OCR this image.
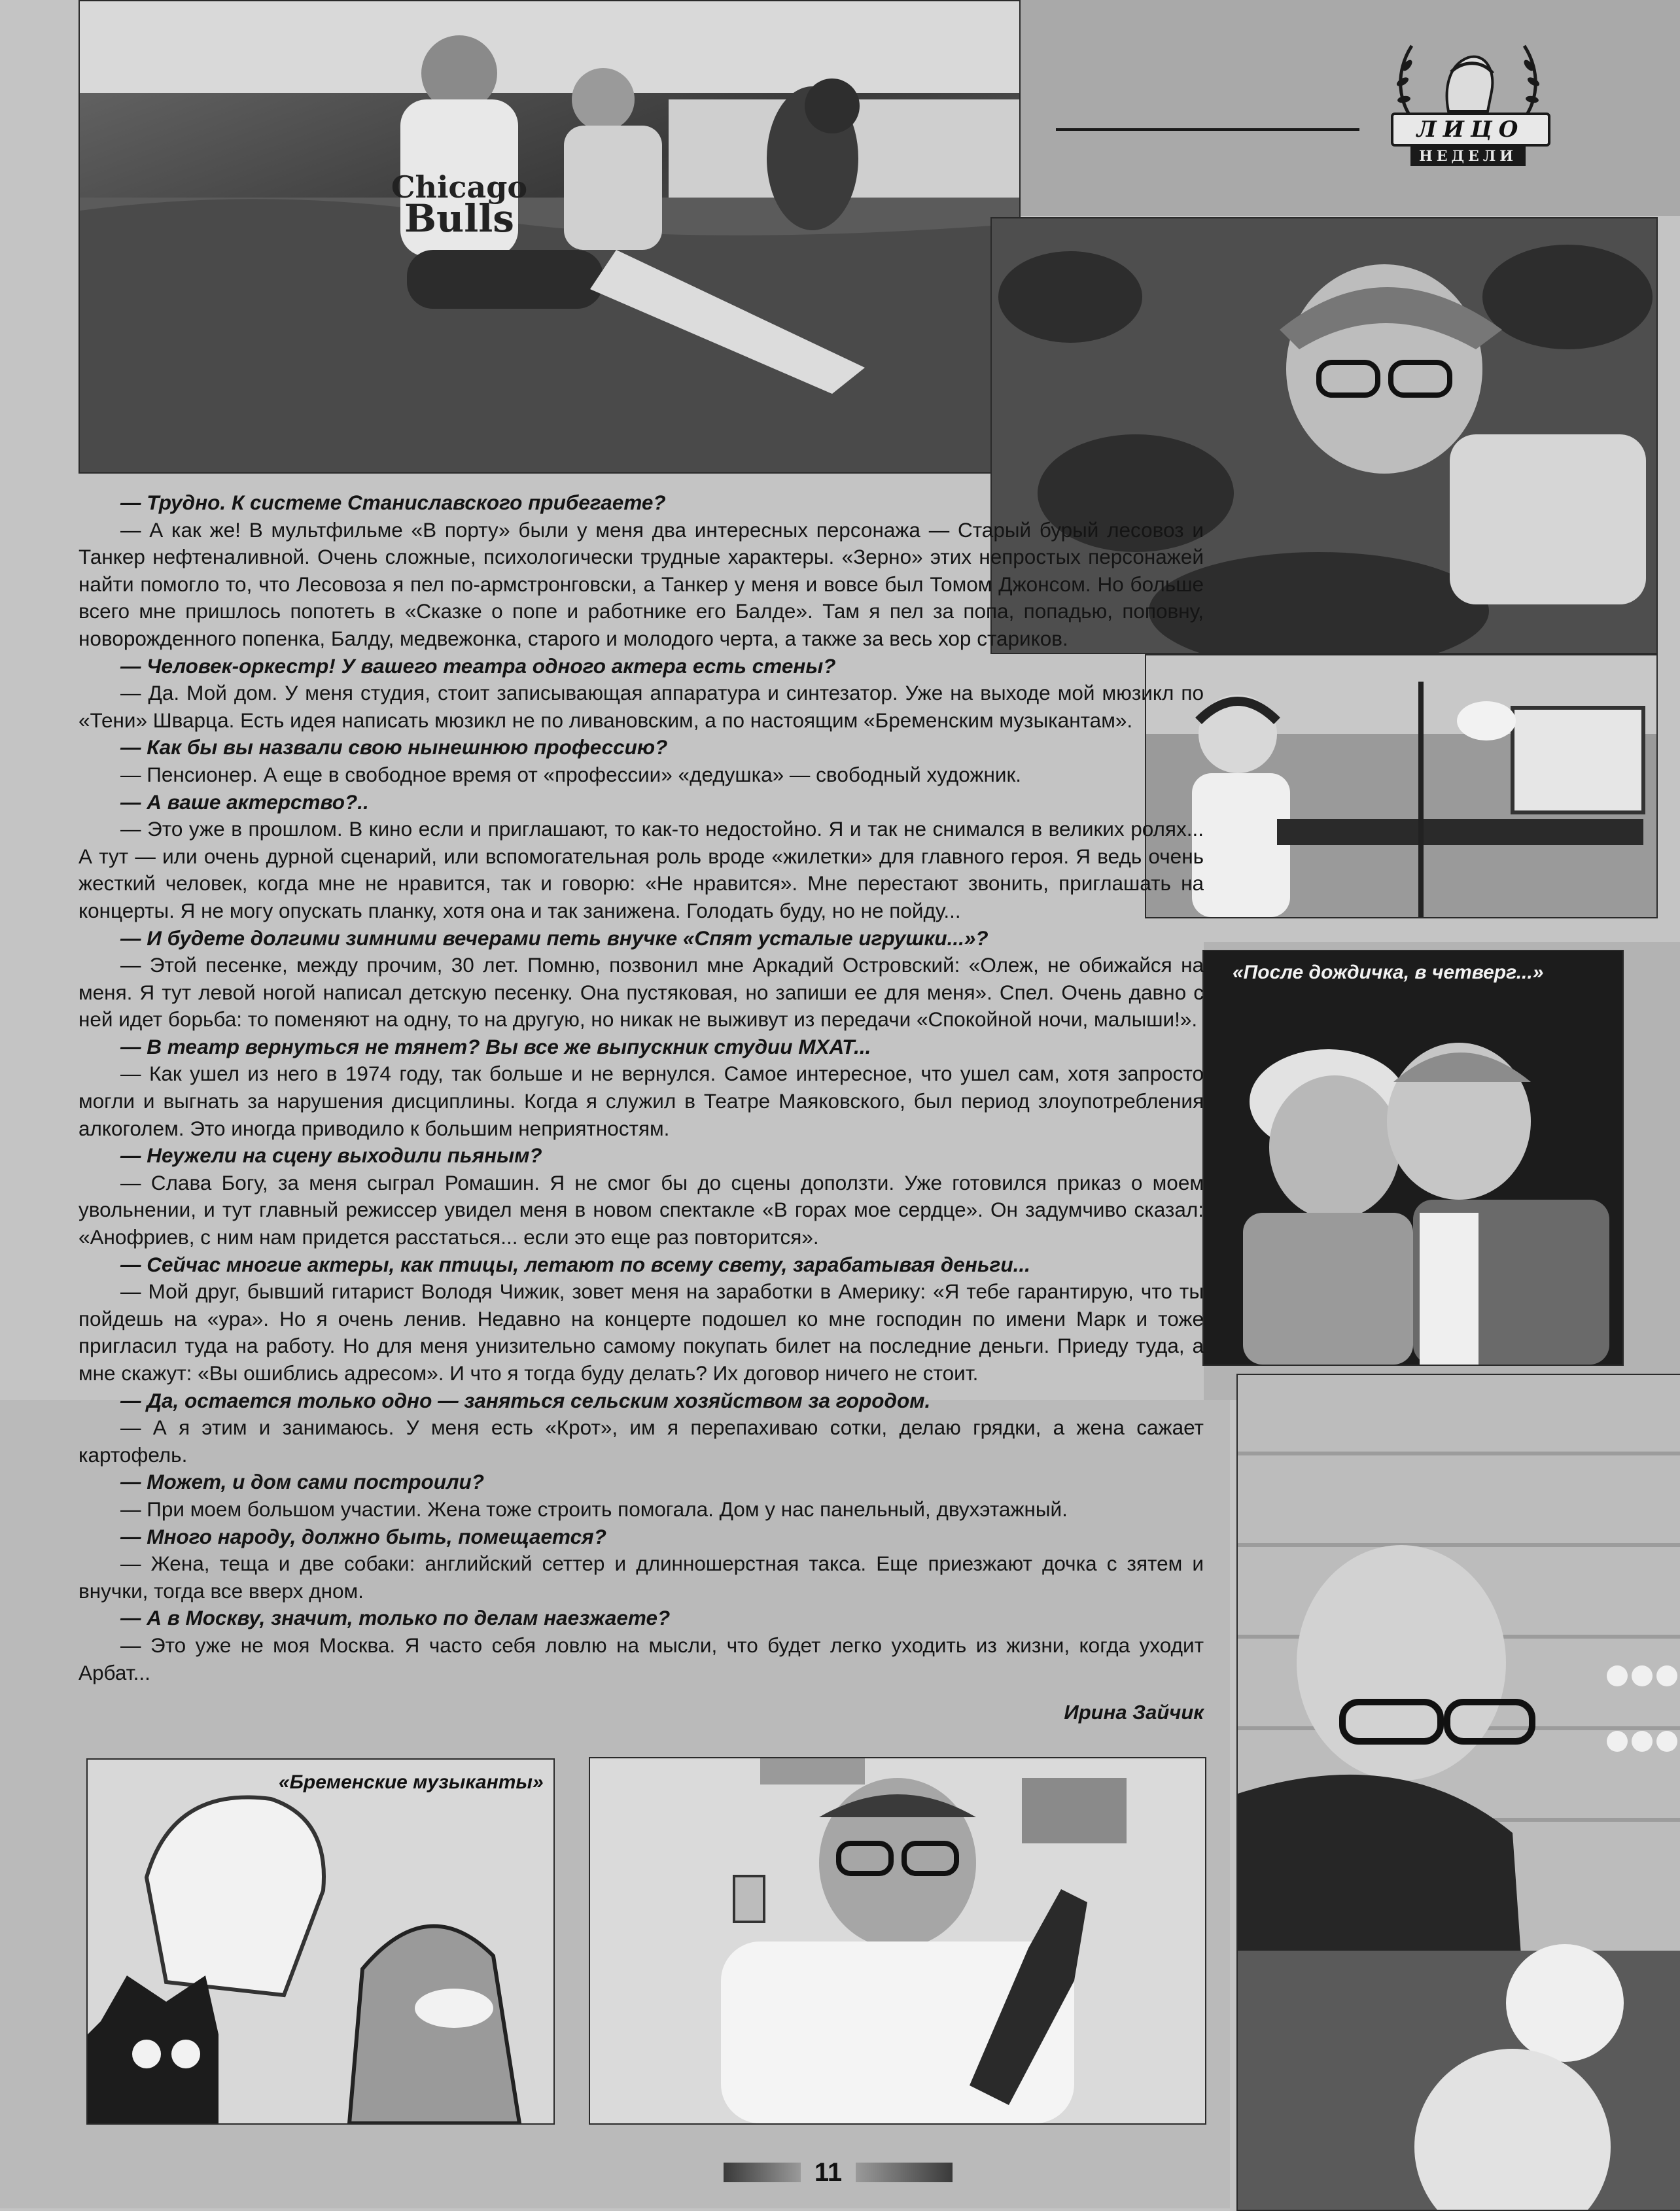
ЛИЦО
НЕДЕЛИ
Chicago
Bulls
«После дождичка, в четверг...»
«Бременские музыканты»

— Трудно. К системе Станиславского прибегаете?

— А как же! В мультфильме «В порту» были у меня два интересных персонажа — Старый бурый лесовоз и Танкер нефтеналивной. Очень сложные, психологически трудные характеры. «Зерно» этих непростых персонажей найти помогло то, что Лесовоза я пел по-армстронговски, а Танкер у меня и вовсе был Томом Джонсом. Но больше всего мне пришлось попотеть в «Сказке о попе и работнике его Балде». Там я пел за попа, попадью, поповну, новорожденного попенка, Балду, медвежонка, старого и молодого черта, а также за весь хор стариков.

— Человек-оркестр! У вашего театра одного актера есть стены?

— Да. Мой дом. У меня студия, стоит записывающая аппаратура и синтезатор. Уже на выходе мой мюзикл по «Тени» Шварца. Есть идея написать мюзикл не по ливановским, а по настоящим «Бременским музыкантам».

— Как бы вы назвали свою нынешнюю профессию?

— Пенсионер. А еще в свободное время от «профессии» «дедушка» — свободный художник.

— А ваше актерство?..

— Это уже в прошлом. В кино если и приглашают, то как-то недостойно. Я и так не снимался в великих ролях... А тут — или очень дурной сценарий, или вспомогательная роль вроде «жилетки» для главного героя. Я ведь очень жесткий человек, когда мне не нравится, так и говорю: «Не нравится». Мне перестают звонить, приглашать на концерты. Я не могу опускать планку, хотя она и так занижена. Голодать буду, но не пойду...

— И будете долгими зимними вечерами петь внучке «Спят усталые игрушки...»?

— Этой песенке, между прочим, 30 лет. Помню, позвонил мне Аркадий Островский: «Олеж, не обижайся на меня. Я тут левой ногой написал детскую песенку. Она пустяковая, но запиши ее для меня». Спел. Очень давно с ней идет борьба: то поменяют на одну, то на другую, но никак не выживут из передачи «Спокойной ночи, малыши!».

— В театр вернуться не тянет? Вы все же выпускник студии МХАТ...

— Как ушел из него в 1974 году, так больше и не вернулся. Самое интересное, что ушел сам, хотя запросто могли и выгнать за нарушения дисциплины. Когда я служил в Театре Маяковского, был период злоупотребления алкоголем. Это иногда приводило к большим неприятностям.

— Неужели на сцену выходили пьяным?

— Слава Богу, за меня сыграл Ромашин. Я не смог бы до сцены доползти. Уже готовился приказ о моем увольнении, и тут главный режиссер увидел меня в новом спектакле «В горах мое сердце». Он задумчиво сказал: «Анофриев, с ним нам придется расстаться... если это еще раз повторится».

— Сейчас многие актеры, как птицы, летают по всему свету, зарабатывая деньги...

— Мой друг, бывший гитарист Володя Чижик, зовет меня на заработки в Америку: «Я тебе гарантирую, что ты пойдешь на «ура». Но я очень ленив. Недавно на концерте подошел ко мне господин по имени Марк и тоже пригласил туда на работу. Но для меня унизительно самому покупать билет на последние деньги. Приеду туда, а мне скажут: «Вы ошиблись адресом». И что я тогда буду делать? Их договор ничего не стоит.

— Да, остается только одно — заняться сельским хозяйством за городом.

— А я этим и занимаюсь. У меня есть «Крот», им я перепахиваю сотки, делаю грядки, а жена сажает картофель.

— Может, и дом сами построили?

— При моем большом участии. Жена тоже строить помогала. Дом у нас панельный, двухэтажный.

— Много народу, должно быть, помещается?

— Жена, теща и две собаки: английский сеттер и длинношерстная такса. Еще приезжают дочка с зятем и внучки, тогда все вверх дном.

— А в Москву, значит, только по делам наезжаете?

— Это уже не моя Москва. Я часто себя ловлю на мысли, что будет легко уходить из жизни, когда уходит Арбат...

Ирина Зайчик
11
